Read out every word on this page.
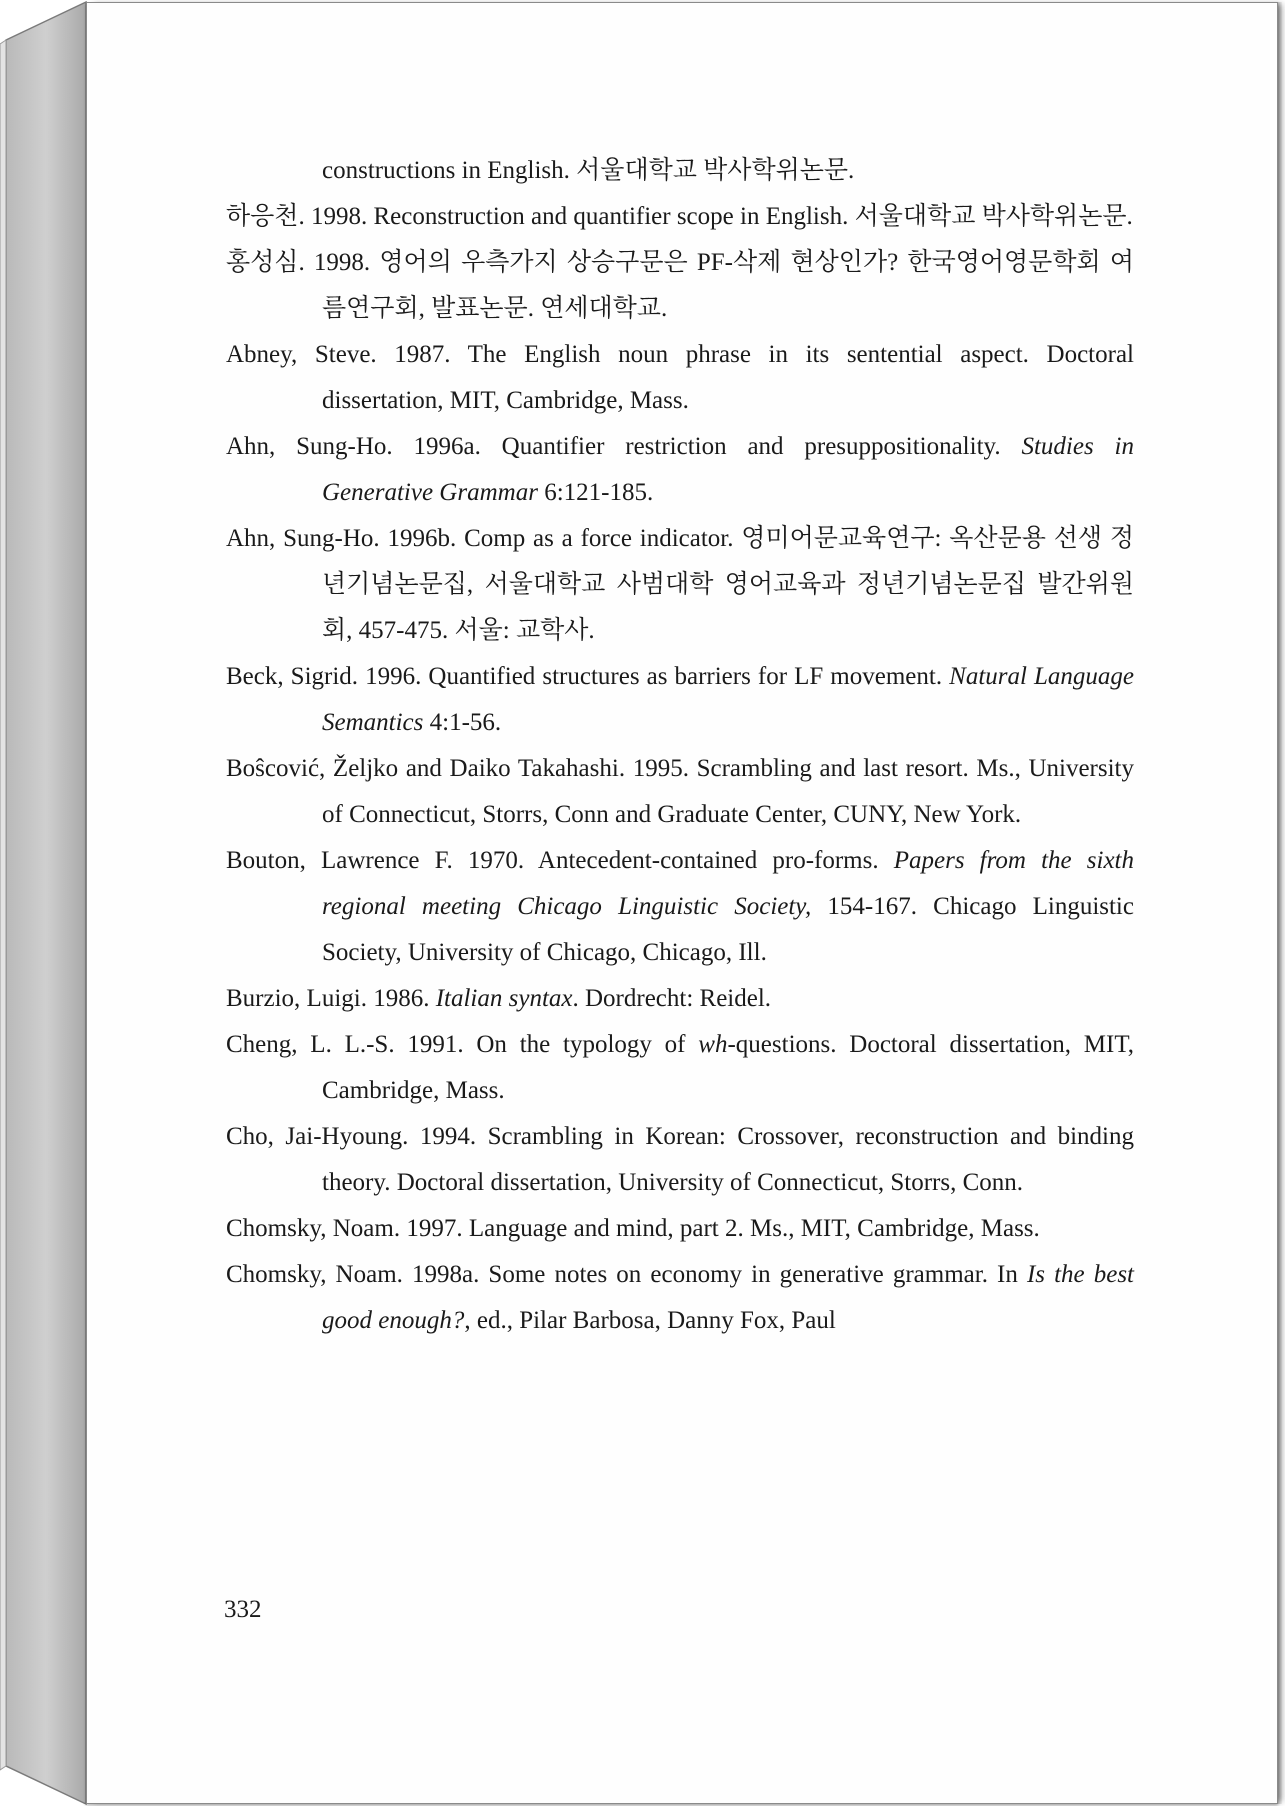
constructions in English. 서울대학교 박사학위논문.
하응천. 1998. Reconstruction and quantifier scope in English. 서울대학교 박사학위논문.
홍성심. 1998. 영어의 우측가지 상승구문은 PF-삭제 현상인가? 한국영어영문학회 여름연구회, 발표논문. 연세대학교.
Abney, Steve. 1987. The English noun phrase in its sentential aspect. Doctoral dissertation, MIT, Cambridge, Mass.
Ahn, Sung-Ho. 1996a. Quantifier restriction and presuppositionality. Studies in Generative Grammar 6:121-185.
Ahn, Sung-Ho. 1996b. Comp as a force indicator. 영미어문교육연구: 옥산문용 선생 정년기념논문집, 서울대학교 사범대학 영어교육과 정년기념논문집 발간위원회, 457-475. 서울: 교학사.
Beck, Sigrid. 1996. Quantified structures as barriers for LF movement. Natural Language Semantics 4:1-56.
Boŝcović, Željko and Daiko Takahashi. 1995. Scrambling and last resort. Ms., University of Connecticut, Storrs, Conn and Graduate Center, CUNY, New York.
Bouton, Lawrence F. 1970. Antecedent-contained pro-forms. Papers from the sixth regional meeting Chicago Linguistic Society, 154-167. Chicago Linguistic Society, University of Chicago, Chicago, Ill.
Burzio, Luigi. 1986. Italian syntax. Dordrecht: Reidel.
Cheng, L. L.-S. 1991. On the typology of wh-questions. Doctoral dissertation, MIT, Cambridge, Mass.
Cho, Jai-Hyoung. 1994. Scrambling in Korean: Crossover, reconstruction and binding theory. Doctoral dissertation, University of Connecticut, Storrs, Conn.
Chomsky, Noam. 1997. Language and mind, part 2. Ms., MIT, Cambridge, Mass.
Chomsky, Noam. 1998a. Some notes on economy in generative grammar. In Is the best good enough?, ed., Pilar Barbosa, Danny Fox, Paul
332
